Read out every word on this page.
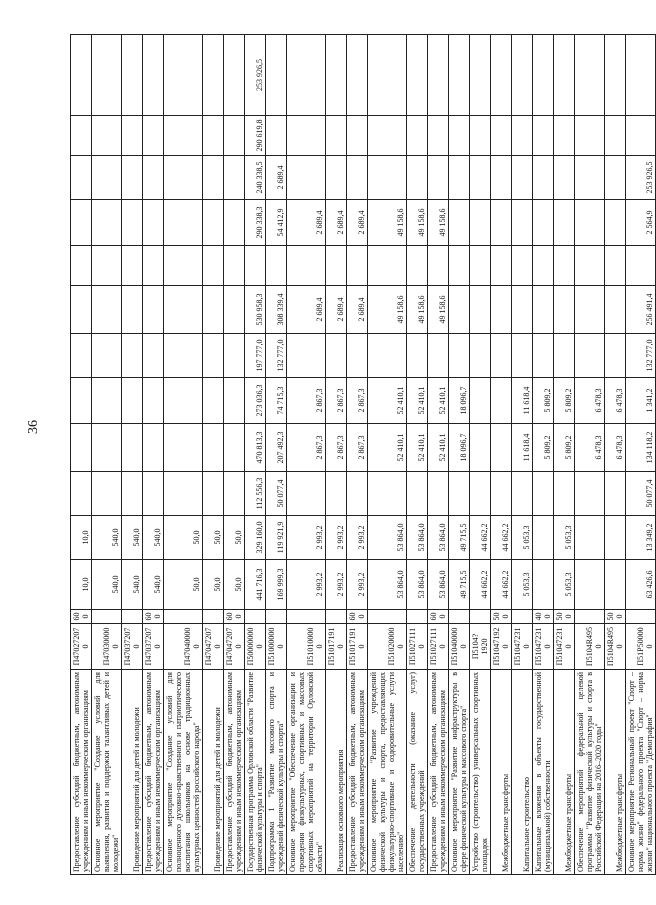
36
Предоставление субсидий бюджетным, автономным учреждениям и иным некоммерческим организациям	П470272070	600	10,0	10,0										
Основное мероприятие "Создание условий для выявления, развития и поддержки талантливых детей и молодежи"	П470300000		540,0	540,0										
Проведение мероприятий для детей и молодежи	П470372070		540,0	540,0										
Предоставление субсидий бюджетным, автономным учреждениям и иным некоммерческим организациям	П470372070	600	540,0	540,0										
Основное мероприятие "Создание условий для полноценного духовно-нравственного и патриотического воспитания школьников на основе традиционных культурных ценностей российского народа"	П470400000		50,0	50,0										
Проведение мероприятий для детей и молодежи	П470472070		50,0	50,0										
Предоставление субсидий бюджетным, автономным учреждениям и иным некоммерческим организациям	П470472070	600	50,0	50,0										
Государственная программа Орловской области "Развитие физической культуры и спорта"	П500000000		441 716,3	329 160,0	112 556,3	470 813,3	273 036,3	197 777,0	530 958,3		290 338,3	240 338,5	290 619,8	253 926,5
Подпрограмма 1 "Развитие массового спорта и учреждений физической культуры и спорта"	П510000000		169 999,3	119 921,9	50 077,4	207 492,3	74 715,3	132 777,0	308 339,4		54 412,9	2 689,4		
Основное мероприятие "Обеспечение организации и проведения физкультурных, спортивных и массовых спортивных мероприятий на территории Орловской области"	П510100000		2 993,2	2 993,2		2 867,3	2 867,3		2 689,4		2 689,4			
Реализация основного мероприятия	П510171910		2 993,2	2 993,2		2 867,3	2 867,3		2 689,4		2 689,4			
Предоставление субсидий бюджетным, автономным учреждениям и иным некоммерческим организациям	П510171910	600	2 993,2	2 993,2		2 867,3	2 867,3		2 689,4		2 689,4			
Основное мероприятие "Развитие учреждений физической культуры и спорта, предоставляющих физкультурно-спортивные и оздоровительные услуги населению"	П510200000		53 864,0	53 864,0		52 410,1	52 410,1		49 158,6		49 158,6			
Обеспечение деятельности (оказание услуг) государственных учреждений	П510271110		53 864,0	53 864,0		52 410,1	52 410,1		49 158,6		49 158,6			
Предоставление субсидий бюджетным, автономным учреждениям и иным некоммерческим организациям	П510271110	600	53 864,0	53 864,0		52 410,1	52 410,1		49 158,6		49 158,6			
Основное мероприятие "Развитие инфраструктуры в сфере физической культуры и массового спорта"	П510400000		49 715,5	49 715,5		18 096,7	18 096,7							
Устройство (строительство) универсальных спортивных площадок	П5104?1920		44 662,2	44 662,2										
Межбюджетные трансферты	П510471920	500	44 662,2	44 662,2										
Капитальное строительство	П510472310		5 053,3	5 053,3		11 618,4	11 618,4							
Капитальные вложения в объекты государственной (муниципальной) собственности	П510472310	400				5 809,2	5 809,2							
Межбюджетные трансферты	П510472310	500	5 053,3	5 053,3		5 809,2	5 809,2							
Обеспечение мероприятий федеральной целевой программы "Развитие физической культуры и спорта в Российской Федерации на 2016–2020 годы"	П5104R4950					6 478,3	6 478,3							
Межбюджетные трансферты	П5104R4950	500				6 478,3	6 478,3							
Основное мероприятие Региональный проект "Спорт – норма жизни" федерального проекта "Спорт – норма жизни" национального проекта "Демография"	П51Р500000		63 426,6	13 349,2	50 077,4	134 118,2	1 341,2	132 777,0	256 491,4		2 564,9	253 926,5		
